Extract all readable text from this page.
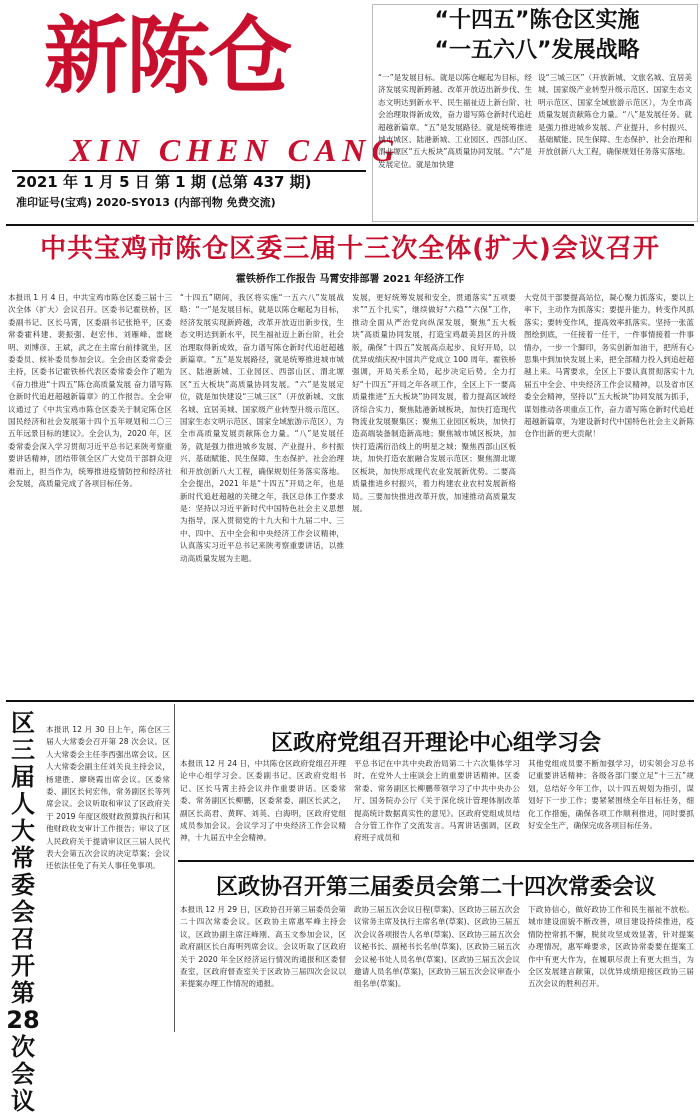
新陈仓
XIN CHEN CANG
2021 年 1 月 5 日 第 1 期 (总第 437 期)
准印证号(宝鸡) 2020-SY013 (内部刊物 免费交流)
“十四五”陈仓区实施
“一五六八”发展战略
“一”是发展目标。就是以陈仓崛起为目标，经济发展实现新跨越、改革开放迈出新步伐、生态文明达到新水平、民生福祉迈上新台阶、社会治理取得新成效，奋力谱写陈仓新时代追赶超越新篇章。“五”是发展路径。就是统筹推进城市城区、陆港新城、工业园区、西部山区、渭北塬区“五大板块”高质量协同发展。“六”是发展定位。就是加快建
设“三城三区”（开放新城、文旅名城、宜居美城、国家级产业转型升级示范区、国家生态文明示范区、国家全域旅游示范区），为全市高质量发展贡献陈仓力量。“八”是发展任务。就是强力推进城乡发展、产业提升、乡村振兴、基础赋能、民生保障、生态保护、社会治理和开放创新八大工程，确保规划任务落实落地。
中共宝鸡市陈仓区委三届十三次全体(扩大)会议召开
霍铁桥作工作报告 马霄安排部署 2021 年经济工作
本报讯 1 月 4 日，中共宝鸡市陈仓区委三届十三次全体（扩大）会议召开。区委书记霍铁桥，区委副书记、区长马霄，区委副书记张艳平，区委常委霍科建、裴振强、赵宏伟、刘雁峰、雷晓明、刘博彦、王斌，武之在主席台前排就坐，区委委员、候补委员参加会议。全会由区委常委会主持，区委书记霍铁桥代表区委常委会作了题为《奋力推进“十四五”陈仓高质量发展 奋力谱写陈仓新时代追赶超越新篇章》的工作报告。全会审议通过了《中共宝鸡市陈仓区委关于制定陈仓区国民经济和社会发展第十四个五年规划和二〇三五年远景目标的建议》。全会认为，2020 年，区委常委会深入学习贯彻习近平总书记来陕考察重要讲话精神，团结带领全区广大党员干部群众迎难而上，担当作为，统筹推进疫情防控和经济社会发展，高质量完成了各项目标任务。
“十四五”期间，我区将实施“一五六八”发展战略：“一”是发展目标，就是以陈仓崛起为目标，经济发展实现新跨越，改革开放迈出新步伐，生态文明达到新水平，民生福祉迈上新台阶，社会治理取得新成效，奋力谱写陈仓新时代追赶超越新篇章。“五”是发展路径，就是统筹推进城市城区、陆港新城、工业园区、西部山区、渭北塬区“五大板块”高质量协同发展。“六”是发展定位，就是加快建设“三城三区”（开放新城、文旅名城、宜居美城、国家级产业转型升级示范区、国家生态文明示范区、国家全域旅游示范区），为全市高质量发展贡献陈仓力量。“八”是发展任务，就是强力推进城乡发展、产业提升、乡村振兴、基础赋能、民生保障、生态保护、社会治理和开放创新八大工程，确保规划任务落实落地。全会提出，2021 年是“十四五”开局之年，也是新时代追赶超越的关键之年，我区总体工作要求是：坚持以习近平新时代中国特色社会主义思想为指导，深入贯彻党的十九大和十九届二中、三中、四中、五中全会和中央经济工作会议精神，认真落实习近平总书记来陕考察重要讲话，以推动高质量发展为主题。
发展，更好统筹发展和安全，贯通落实“五项要求”“五个扎实”，继续做好“六稳”“六保”工作，推动全面从严治党向纵深发展，聚焦“五大板块”高质量协同发展，打造宝鸡最美县区的升级版，确保“十四五”发展高点起步、良好开局，以优异成绩庆祝中国共产党成立 100 周年。霍铁桥强调，开局关系全局，起步决定后势。全力打好“十四五”开局之年各项工作，全区上下一要高质量推进“五大板块”协同发展，着力提高区域经济综合实力，聚焦陆港新城板块，加快打造现代物流业发展聚集区；聚焦工业园区板块，加快打造高端装备制造新高地；聚焦城市城区板块，加快打造满衍沿线上的明星之城；聚焦西部山区板块，加快打造农旅融合发展示范区；聚焦渭北塬区板块，加快形成现代农业发展新优势。二要高质量推进乡村振兴，着力构建农业农村发展新格局。三要加快推进改革开放，加速推动高质量发展。
大党员干部要提高站位，凝心聚力抓落实，要以上率下，主动作为抓落实；要提升能力，转变作风抓落实；要转变作风，提高效率抓落实。坚持一张蓝图绘到底，一任接着一任干，一件事情接着一件事情办，一步一个脚印，务实创新加油干，把所有心思集中到加快发展上来，把全部精力投入到追赶超越上来。马霄要求，全区上下要认真贯彻落实十九届五中全会、中央经济工作会议精神，以及省市区委全会精神，坚持以“五大板块”协同发展为抓手，谋划推动各项重点工作，奋力谱写陈仓新时代追赶超越新篇章，为建设新时代中国特色社会主义新陈仓作出新的更大贡献！
区三届人大常委会召开第28次会议
本报讯 12 月 30 日上午，陈仓区三届人大常委会召开第 28 次会议。区人大常委会主任李西强出席会议。区人大常委会副主任刘关良主持会议，杨建胜、廖晓霞出席会议。区委常委、副区长何宏伟，常务副区长等列席会议。会议听取和审议了区政府关于 2019 年度区级财政预算执行和其他财政收支审计工作报告；审议了区人民政府关于提请审议区三届人民代表大会第五次会议的决定草案；会议还依法任免了有关人事任免事项。
区政府党组召开理论中心组学习会
本报讯 12 月 24 日，中共陈仓区政府党组召开理论中心组学习会。区委副书记、区政府党组书记、区长马霄主持会议并作重要讲话。区委常委、常务副区长柳鹏，区委常委、副区长武之，副区长高君、黄晖、刘英、白海明，区政府党组成员参加会议。会议学习了中央经济工作会议精神，十九届五中全会精神。
平总书记在中共中央政治局第二十六次集体学习时、在党外人士座谈会上的重要讲话精神。区委常委、常务副区长柳鹏带领学习了中共中央办公厅、国务院办公厅《关于深化统计管理体制改革提高统计数据真实性的意见》。区政府党组成员结合分管工作作了交流发言。马霄讲话强调，区政府班子成员和
其他党组成员要不断加强学习，切实领会习总书记重要讲话精神；各级各部门要立足“十三五”规划，总结好今年工作，以十四五规划为指引，谋划好下一步工作；要紧紧围绕全年目标任务，细化工作措施，确保各项工作顺利推进，同时要抓好安全生产，确保完成各项目标任务。
区政协召开第三届委员会第二十四次常委会议
本报讯 12 月 29 日，区政协召开第三届委员会第二十四次常委会议。区政协主席惠军峰主持会议，区政协副主席汪峰刚、高玉文参加会议，区政府副区长白海明列席会议。会议听取了区政府关于 2020 年全区经济运行情况的通报和区委督查室，区政府督查室关于区政协三届四次会议以来提案办理工作情况的通报。
政协三届五次会议日程(草案)、区政协三届五次会议常务主席及执行主席名单(草案)、区政协三届五次会议各项报告人名单(草案)、区政协三届五次会议秘书长、副秘书长名单(草案)、区政协三届五次会议秘书处人员名单(草案)、区政协三届五次会议邀请人员名单(草案)，区政协三届五次会议审查小组名单(草案)。
下政协信心，做好政协工作和民生福祉不放松。城市建设面貌不断改善，项目建设持续推进，疫情防控常抓不懈，脱贫攻坚成效显著，针对提案办理情况，惠军峰要求，区政协常委要在提案工作中有更大作为，在履职尽责上有更大担当，为全区发展建言献策，以优异成绩迎接区政协三届五次会议的胜利召开。
